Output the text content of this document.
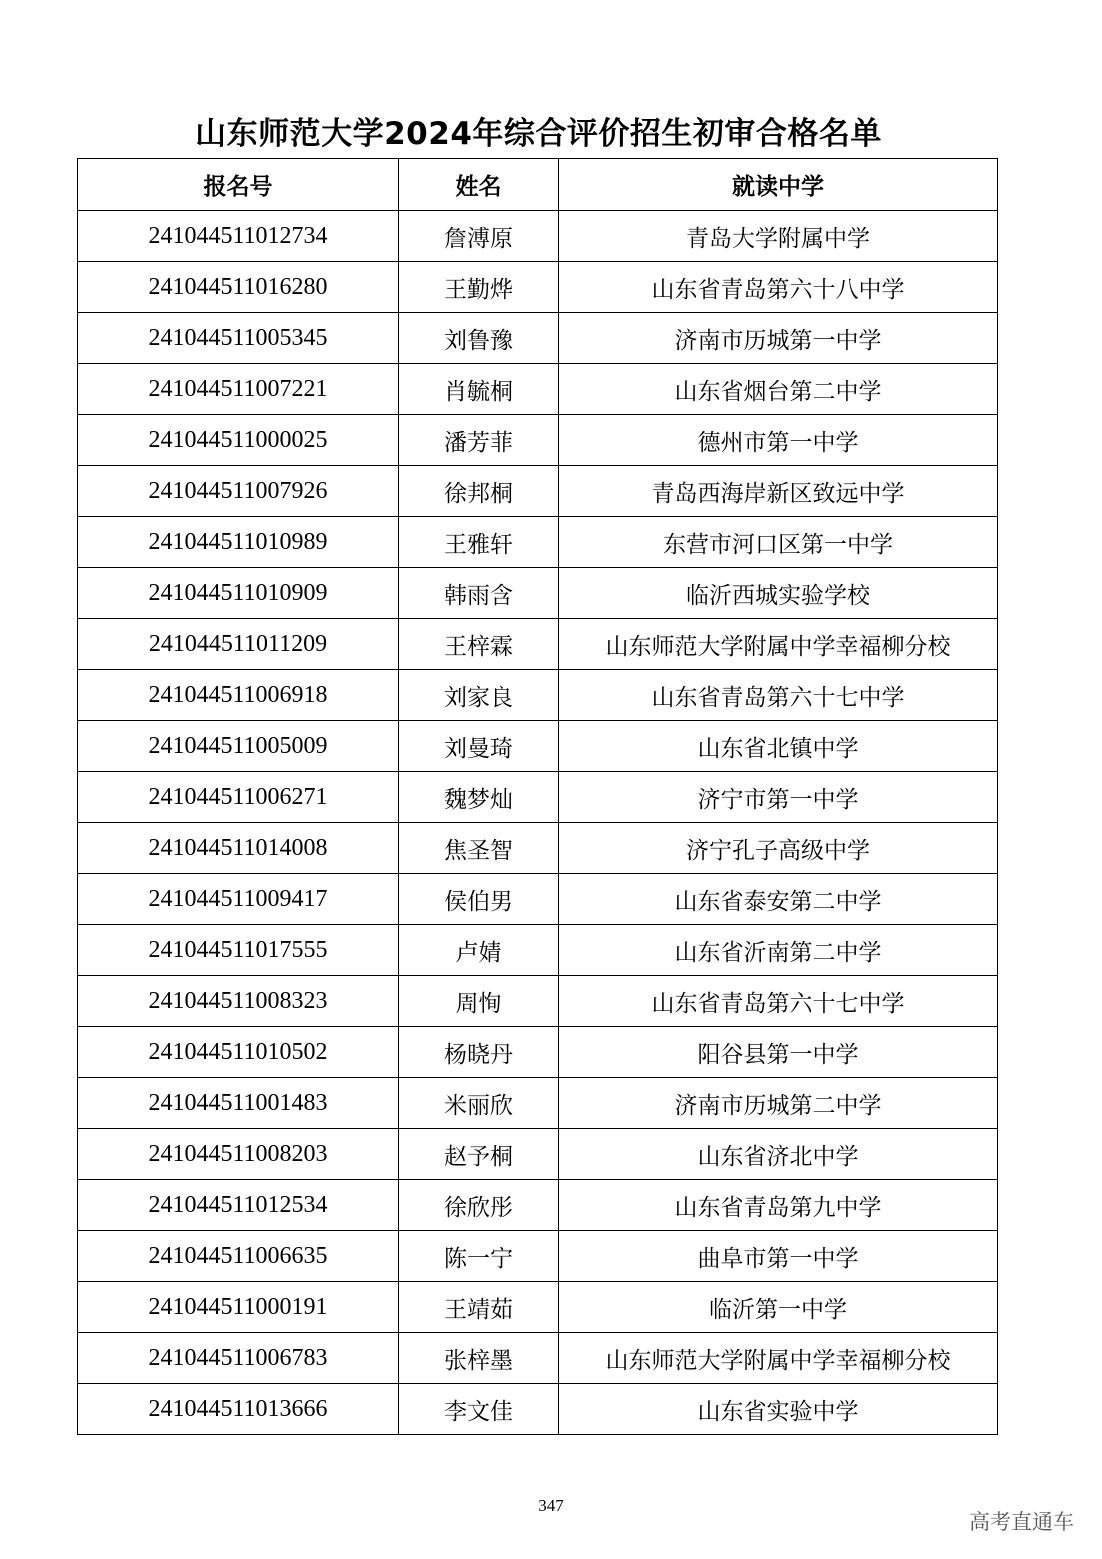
山东师范大学2024年综合评价招生初审合格名单
报名号	姓名	就读中学
241044511012734	詹溥原	青岛大学附属中学
241044511016280	王勤烨	山东省青岛第六十八中学
241044511005345	刘鲁豫	济南市历城第一中学
241044511007221	肖毓桐	山东省烟台第二中学
241044511000025	潘芳菲	德州市第一中学
241044511007926	徐邦桐	青岛西海岸新区致远中学
241044511010989	王雅轩	东营市河口区第一中学
241044511010909	韩雨含	临沂西城实验学校
241044511011209	王梓霖	山东师范大学附属中学幸福柳分校
241044511006918	刘家良	山东省青岛第六十七中学
241044511005009	刘曼琦	山东省北镇中学
241044511006271	魏梦灿	济宁市第一中学
241044511014008	焦圣智	济宁孔子高级中学
241044511009417	侯伯男	山东省泰安第二中学
241044511017555	卢婧	山东省沂南第二中学
241044511008323	周恂	山东省青岛第六十七中学
241044511010502	杨晓丹	阳谷县第一中学
241044511001483	米丽欣	济南市历城第二中学
241044511008203	赵予桐	山东省济北中学
241044511012534	徐欣彤	山东省青岛第九中学
241044511006635	陈一宁	曲阜市第一中学
241044511000191	王靖茹	临沂第一中学
241044511006783	张梓墨	山东师范大学附属中学幸福柳分校
241044511013666	李文佳	山东省实验中学
347
高考直通车
